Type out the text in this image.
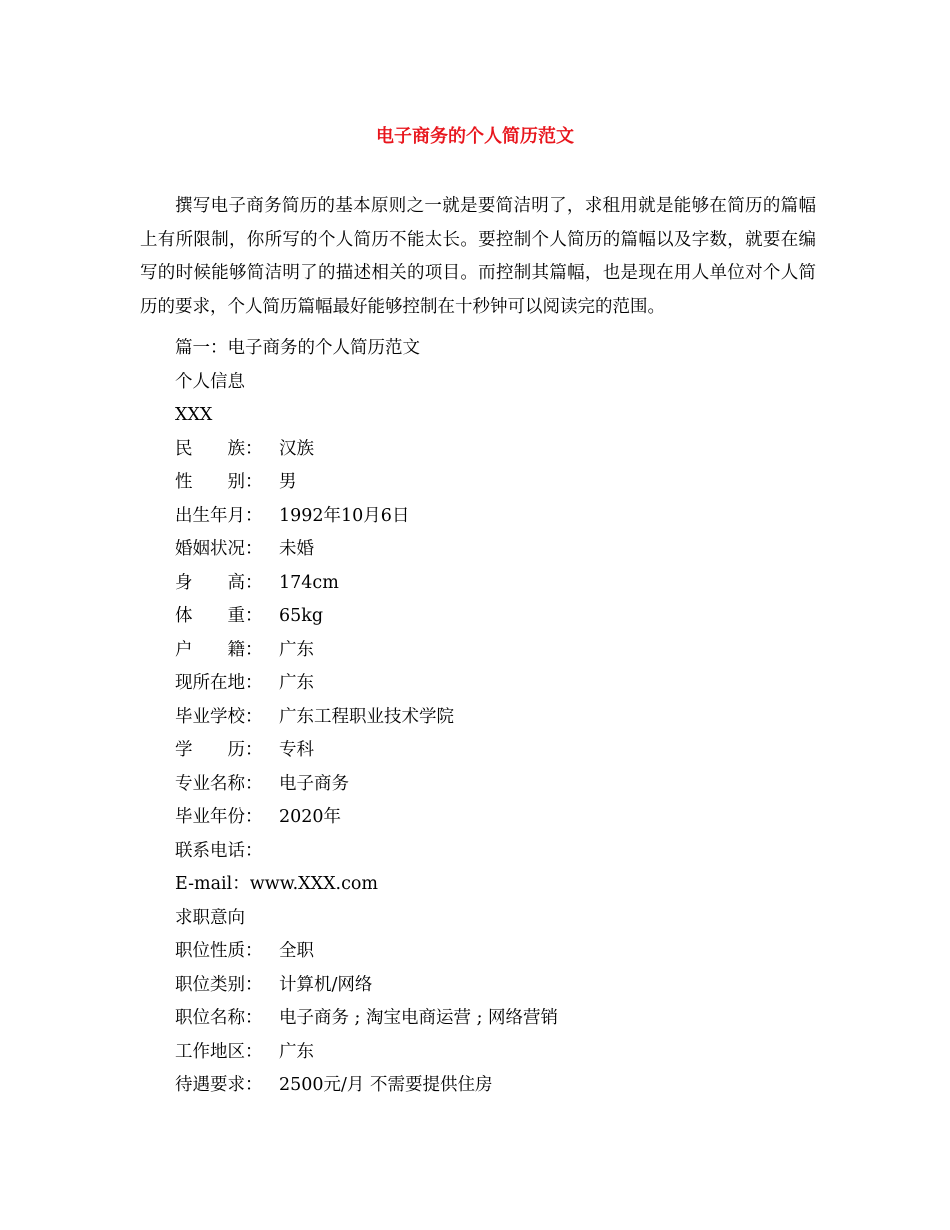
电子商务的个人简历范文

撰写电子商务简历的基本原则之一就是要简洁明了，求租用就是能够在简历的篇幅上有所限制，你所写的个人简历不能太长。要控制个人简历的篇幅以及字数，就要在编写的时候能够简洁明了的描述相关的项目。而控制其篇幅，也是现在用人单位对个人简历的要求，个人简历篇幅最好能够控制在十秒钟可以阅读完的范围。

篇一：电子商务的个人简历范文
个人信息
XXX
民　　族： 汉族
性　　别： 男
出生年月： 1992年10月6日
婚姻状况： 未婚
身　　高： 174cm
体　　重： 65kg
户　　籍： 广东
现所在地： 广东
毕业学校： 广东工程职业技术学院
学　　历： 专科
专业名称： 电子商务
毕业年份： 2020年
联系电话：
E-mail：www.XXX.com
求职意向
职位性质： 全职
职位类别： 计算机/网络
职位名称： 电子商务 ; 淘宝电商运营 ; 网络营销
工作地区： 广东
待遇要求： 2500元/月 不需要提供住房
